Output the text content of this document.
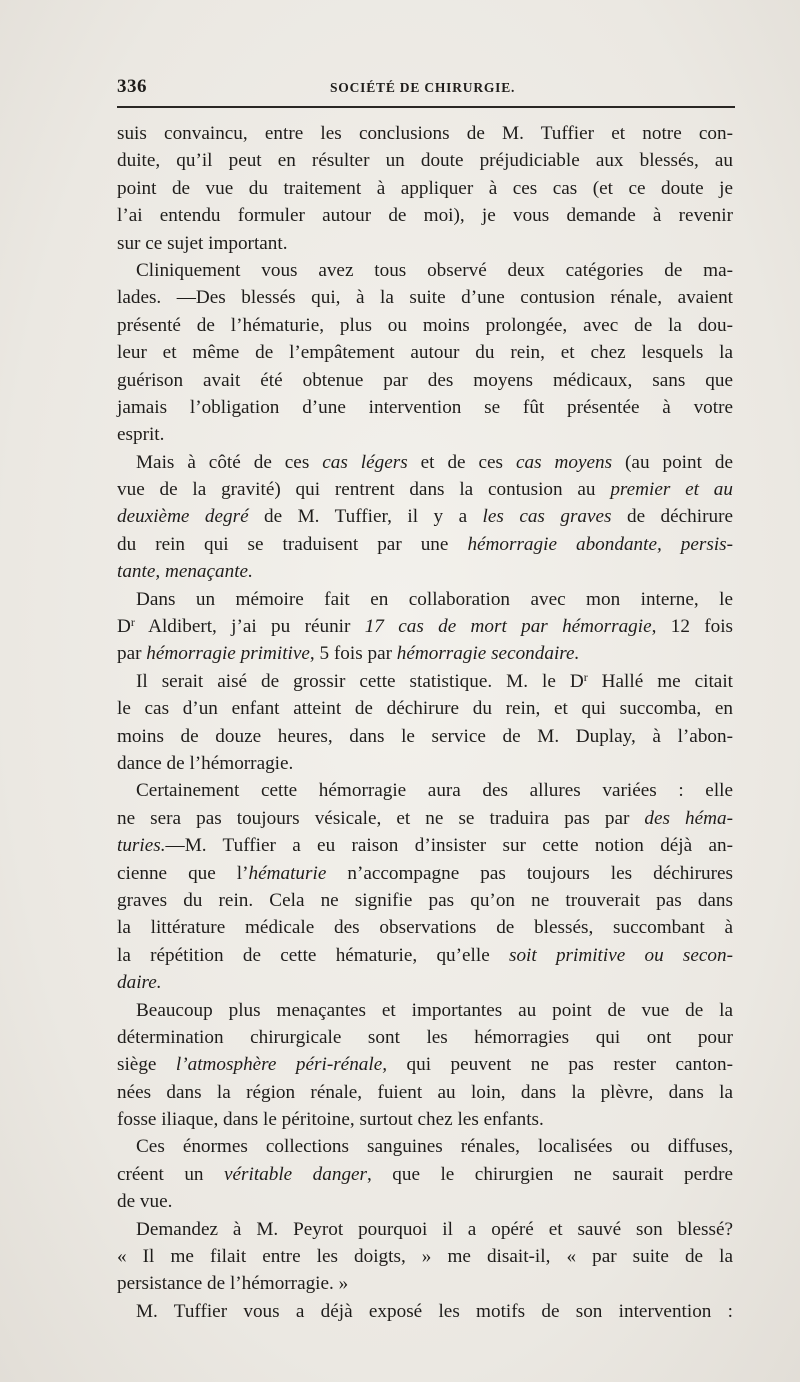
336	SOCIÉTÉ DE CHIRURGIE.
suis convaincu, entre les conclusions de M. Tuffier et notre con-
duite, qu’il peut en résulter un doute préjudiciable aux blessés, au
point de vue du traitement à appliquer à ces cas (et ce doute je
l’ai entendu formuler autour de moi), je vous demande à revenir
sur ce sujet important.
Cliniquement vous avez tous observé deux catégories de ma-
lades. —Des blessés qui, à la suite d’une contusion rénale, avaient
présenté de l’hématurie, plus ou moins prolongée, avec de la dou-
leur et même de l’empâtement autour du rein, et chez lesquels la
guérison avait été obtenue par des moyens médicaux, sans que
jamais l’obligation d’une intervention se fût présentée à votre
esprit.
Mais à côté de ces cas légers et de ces cas moyens (au point de
vue de la gravité) qui rentrent dans la contusion au premier et au
deuxième degré de M. Tuffier, il y a les cas graves de déchirure
du rein qui se traduisent par une hémorragie abondante, persis-
tante, menaçante.
Dans un mémoire fait en collaboration avec mon interne, le
$D^r$ Aldibert, j’ai pu réunir 17 cas de mort par hémorragie, 12 fois
par hémorragie primitive, 5 fois par hémorragie secondaire.
Il serait aisé de grossir cette statistique. M. le $D^r$ Hallé me citait
le cas d’un enfant atteint de déchirure du rein, et qui succomba, en
moins de douze heures, dans le service de M. Duplay, à l’abon-
dance de l’hémorragie.
Certainement cette hémorragie aura des allures variées : elle
ne sera pas toujours vésicale, et ne se traduira pas par des héma-
turies.—M. Tuffier a eu raison d’insister sur cette notion déjà an-
cienne que l’hématurie n’accompagne pas toujours les déchirures
graves du rein. Cela ne signifie pas qu’on ne trouverait pas dans
la littérature médicale des observations de blessés, succombant à
la répétition de cette hématurie, qu’elle soit primitive ou secon-
daire.
Beaucoup plus menaçantes et importantes au point de vue de la
détermination chirurgicale sont les hémorragies qui ont pour
siège l’atmosphère péri-rénale, qui peuvent ne pas rester canton-
nées dans la région rénale, fuient au loin, dans la plèvre, dans la
fosse iliaque, dans le péritoine, surtout chez les enfants.
Ces énormes collections sanguines rénales, localisées ou diffuses,
créent un véritable danger, que le chirurgien ne saurait perdre
de vue.
Demandez à M. Peyrot pourquoi il a opéré et sauvé son blessé?
« Il me filait entre les doigts, » me disait-il, « par suite de la
persistance de l’hémorragie. »
M. Tuffier vous a déjà exposé les motifs de son intervention :
